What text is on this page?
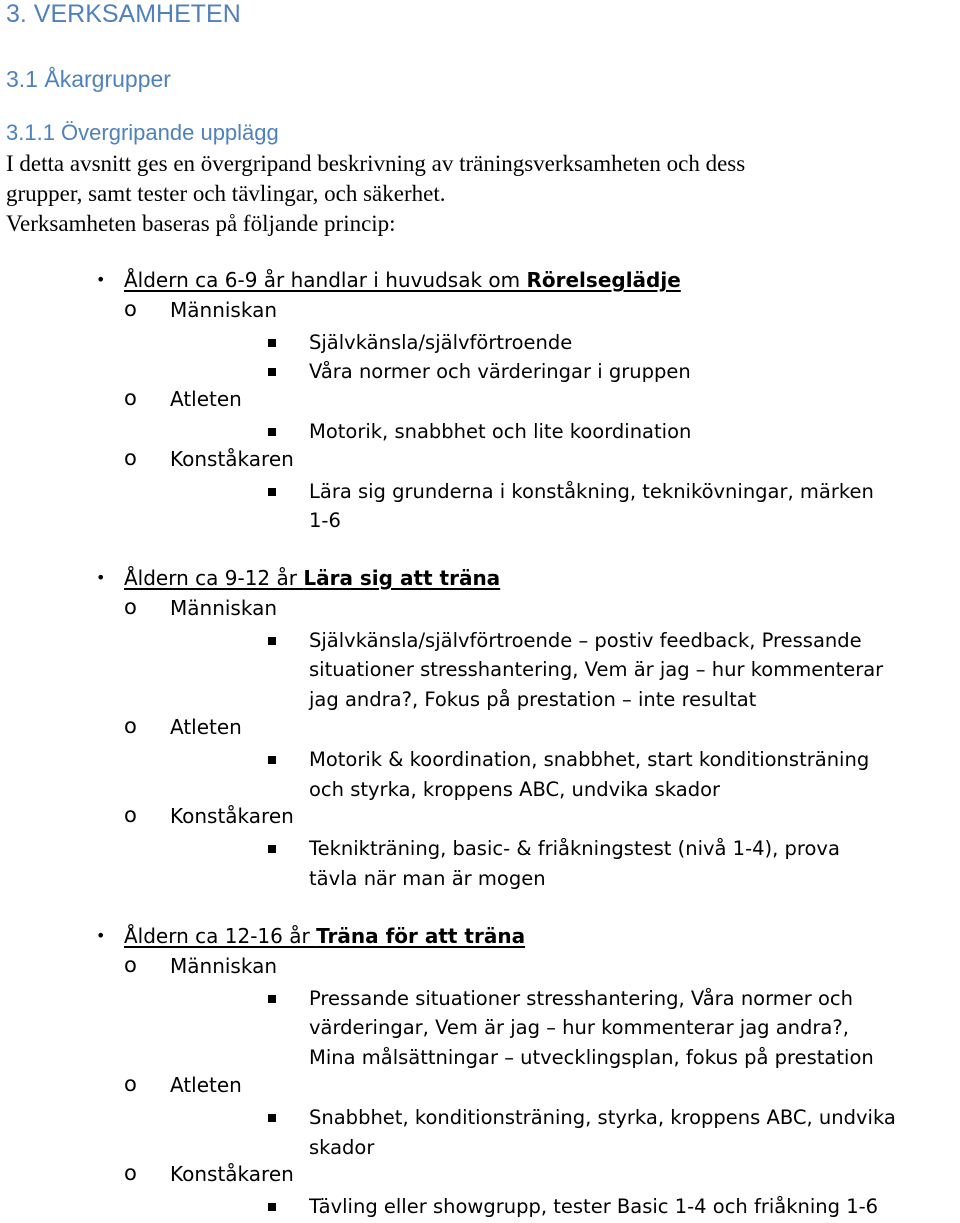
3. VERKSAMHETEN
3.1 Åkargrupper
3.1.1 Övergripande upplägg

I detta avsnitt ges en övergripand beskrivning av träningsverksamheten och dess

grupper, samt tester och tävlingar, och säkerhet.

Verksamheten baseras på följande princip:

• Åldern ca 6-9 år handlar i huvudsak om Rörelseglädje
o Människan
Självkänsla/självförtroende
Våra normer och värderingar i gruppen
o Atleten
Motorik, snabbhet och lite koordination
o Konståkaren
Lära sig grunderna i konståkning, teknikövningar, märken
1-6
• Åldern ca 9-12 år Lära sig att träna
o Människan
Självkänsla/självförtroende – postiv feedback, Pressande
situationer stresshantering, Vem är jag – hur kommenterar
jag andra?, Fokus på prestation – inte resultat
o Atleten
Motorik & koordination, snabbhet, start konditionsträning
och styrka, kroppens ABC, undvika skador
o Konståkaren
Teknikträning, basic- & friåkningstest (nivå 1-4), prova
tävla när man är mogen
• Åldern ca 12-16 år Träna för att träna
o Människan
Pressande situationer stresshantering, Våra normer och
värderingar, Vem är jag – hur kommenterar jag andra?,
Mina målsättningar – utvecklingsplan, fokus på prestation
o Atleten
Snabbhet, konditionsträning, styrka, kroppens ABC, undvika
skador
o Konståkaren
Tävling eller showgrupp, tester Basic 1-4 och friåkning 1-6
